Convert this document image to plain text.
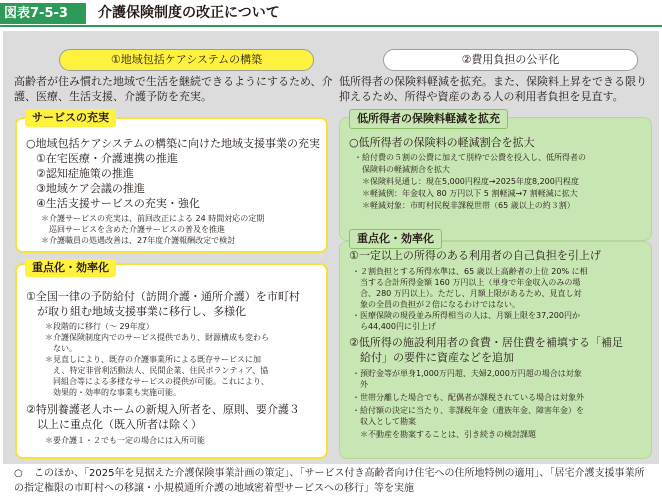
図表7-5-3	介護保険制度の改正について
①地域包括ケアシステムの構築	②費用負担の公平化
高齢者が住み慣れた地域で生活を継続できるようにするため、介護、医療、生活支援、介護予防を充実。
低所得者の保険料軽減を拡充。また、保険料上昇をできる限り抑えるため、所得や資産のある人の利用者負担を見直す。
○地域包括ケアシステムの構築に向けた地域支援事業の充実
①在宅医療・介護連携の推進
②認知症施策の推進
③地域ケア会議の推進
④生活支援サービスの充実・強化
＊介護サービスの充実は、前回改正による 24 時間対応の定期
　巡回サービスを含めた介護サービスの普及を推進
＊介護職員の処遇改善は、27年度介護報酬改定で検討
サービスの充実
①全国一律の予防給付（訪問介護・通所介護）を市町村
　が取り組む地域支援事業に移行し、多様化
＊段階的に移行（〜 29年度）
＊介護保険制度内でのサービス提供であり、財源構成も変わら
　ない。
＊見直しにより、既存の介護事業所による既存サービスに加
　え、特定非営利活動法人、民間企業、住民ボランティア、協
　同組合等による多様なサービスの提供が可能。これにより、
　効果的・効率的な事業も実施可能。
②特別養護老人ホームの新規入所者を、原則、要介護３
　以上に重点化（既入所者は除く）
＊要介護１・２でも一定の場合には入所可能
重点化・効率化
○低所得者の保険料の軽減割合を拡大
・給付費の５割の公費に加えて別枠で公費を投入し、低所得者の
　保険料の軽減割合を拡大
　＊保険料見通し：現在5,000円程度→2025年度8,200円程度
　＊軽減例：年金収入 80 万円以下 5 割軽減→7 割軽減に拡大
　＊軽減対象：市町村民税非課税世帯（65 歳以上の約３割）
低所得者の保険料軽減を拡充
①一定以上の所得のある利用者の自己負担を引上げ
・２割負担とする所得水準は、65 歳以上高齢者の上位 20% に相
　当する合計所得金額 160 万円以上（単身で年金収入のみの場
　合、280 万円以上）。ただし、月額上限があるため、見直し対
　象の全員の負担が２倍になるわけではない。
・医療保険の現役並み所得相当の人は、月額上限を37,200円か
　ら44,400円に引上げ
②低所得の施設利用者の食費・居住費を補填する「補足
　給付」の要件に資産などを追加
・預貯金等が単身1,000万円超、夫婦2,000万円超の場合は対象
　外
・世帯分離した場合でも、配偶者が課税されている場合は対象外
・給付額の決定に当たり、非課税年金（遺族年金、障害年金）を
　収入として勘案
　＊不動産を勘案することは、引き続きの検討課題
重点化・効率化
○ このほか、「2025年を見据えた介護保険事業計画の策定」、「サービス付き高齢者向け住宅への住所地特例の適用」、「居宅介護支援事業所の指定権限の市町村への移譲・小規模通所介護の地域密着型サービスへの移行」等を実施
